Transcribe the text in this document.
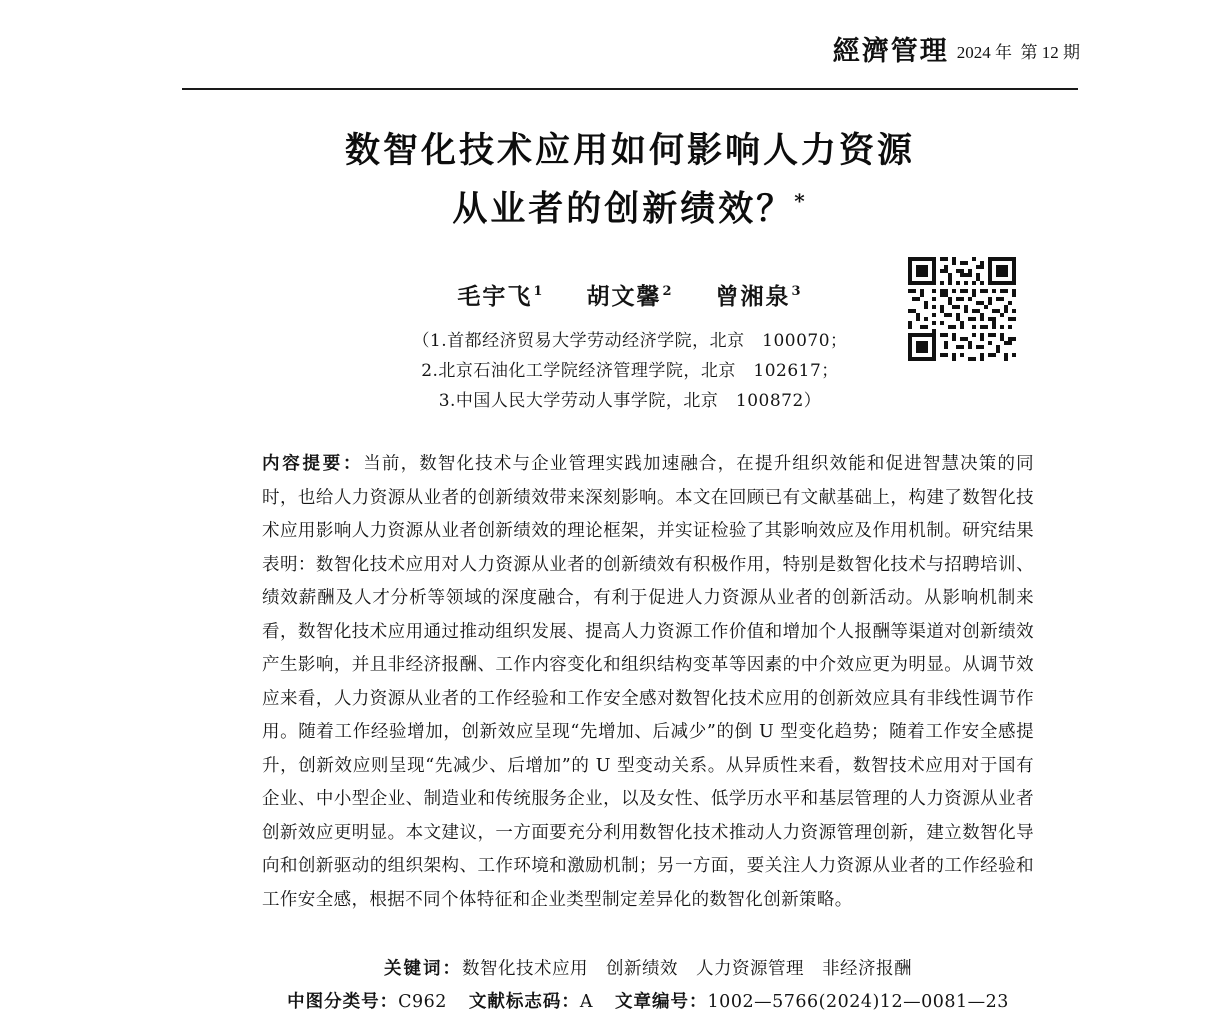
經濟管理 2024 年  第 12 期
数智化技术应用如何影响人力资源
从业者的创新绩效？*
毛宇飞$^1$ 胡文馨$^2$ 曾湘泉$^3$
（1.首都经济贸易大学劳动经济学院，北京　100070；
2.北京石油化工学院经济管理学院，北京　102617；
3.中国人民大学劳动人事学院，北京　100872）

内容提要：当前，数智化技术与企业管理实践加速融合，在提升组织效能和促进智慧决策的同时，也给人力资源从业者的创新绩效带来深刻影响。本文在回顾已有文献基础上，构建了数智化技术应用影响人力资源从业者创新绩效的理论框架，并实证检验了其影响效应及作用机制。研究结果表明：数智化技术应用对人力资源从业者的创新绩效有积极作用，特别是数智化技术与招聘培训、绩效薪酬及人才分析等领域的深度融合，有利于促进人力资源从业者的创新活动。从影响机制来看，数智化技术应用通过推动组织发展、提高人力资源工作价值和增加个人报酬等渠道对创新绩效产生影响，并且非经济报酬、工作内容变化和组织结构变革等因素的中介效应更为明显。从调节效应来看，人力资源从业者的工作经验和工作安全感对数智化技术应用的创新效应具有非线性调节作用。随着工作经验增加，创新效应呈现“先增加、后减少”的倒 U 型变化趋势；随着工作安全感提升，创新效应则呈现“先减少、后增加”的 U 型变动关系。从异质性来看，数智技术应用对于国有企业、中小型企业、制造业和传统服务企业，以及女性、低学历水平和基层管理的人力资源从业者创新效应更明显。本文建议，一方面要充分利用数智化技术推动人力资源管理创新，建立数智化导向和创新驱动的组织架构、工作环境和激励机制；另一方面，要关注人力资源从业者的工作经验和工作安全感，根据不同个体特征和企业类型制定差异化的数智化创新策略。

关键词：数智化技术应用 创新绩效 人力资源管理 非经济报酬
中图分类号：C962 文献标志码：A 文章编号：1002—5766(2024)12—0081—23
